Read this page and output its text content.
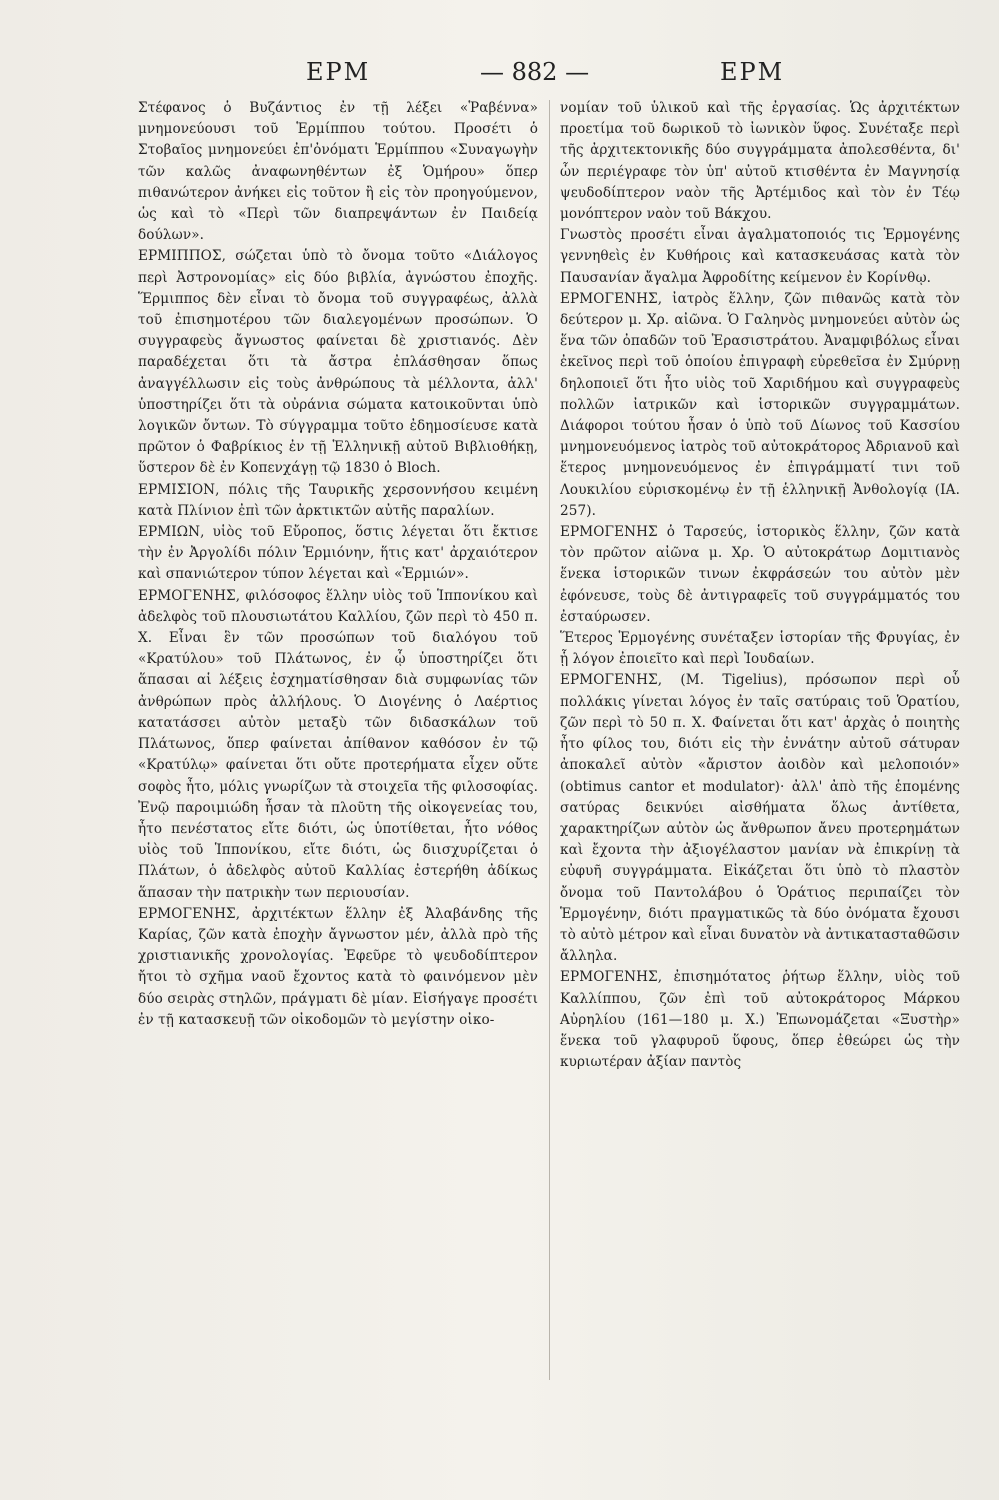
ΕΡΜ	— 882 —	ΕΡΜ

Στέφανος ὁ Βυζάντιος ἐν τῇ λέξει «Ῥαβέννα» μνημονεύουσι τοῦ Ἑρμίππου τούτου. Προσέτι ὁ Στοβαῖος μνημονεύει ἐπ'ὀνόματι Ἑρμίππου «Συναγωγὴν τῶν καλῶς ἀναφωνηθέντων ἐξ Ὁμήρου» ὅπερ πιθανώτερον ἀνήκει εἰς τοῦτον ἢ εἰς τὸν προηγούμενον, ὡς καὶ τὸ «Περὶ τῶν διαπρεψάντων ἐν Παιδείᾳ δούλων».

ΕΡΜΙΠΠΟΣ, σώζεται ὑπὸ τὸ ὄνομα τοῦτο «Διάλογος περὶ Ἀστρονομίας» εἰς δύο βιβλία, ἀγνώστου ἐποχῆς. Ἕρμιππος δὲν εἶναι τὸ ὄνομα τοῦ συγγραφέως, ἀλλὰ τοῦ ἐπισημοτέρου τῶν διαλεγομένων προσώπων. Ὁ συγγραφεὺς ἄγνωστος φαίνεται δὲ χριστιανός. Δὲν παραδέχεται ὅτι τὰ ἄστρα ἐπλάσθησαν ὅπως ἀναγγέλλωσιν εἰς τοὺς ἀνθρώπους τὰ μέλλοντα, ἀλλ' ὑποστηρίζει ὅτι τὰ οὐράνια σώματα κατοικοῦνται ὑπὸ λογικῶν ὄντων. Τὸ σύγγραμμα τοῦτο ἐδημοσίευσε κατὰ πρῶτον ὁ Φαβρίκιος ἐν τῇ Ἑλληνικῇ αὐτοῦ Βιβλιοθήκῃ, ὕστερον δὲ ἐν Κοπενχάγῃ τῷ 1830 ὁ Bloch.

ΕΡΜΙΣΙΟΝ, πόλις τῆς Ταυρικῆς χερσοννήσου κειμένη κατὰ Πλίνιον ἐπὶ τῶν ἀρκτικτῶν αὐτῆς παραλίων.

ΕΡΜΙΩΝ, υἱὸς τοῦ Εὔροπος, ὅστις λέγεται ὅτι ἔκτισε τὴν ἐν Ἀργολίδι πόλιν Ἑρμιόνην, ἥτις κατ' ἀρχαιότερον καὶ σπανιώτερον τύπον λέγεται καὶ «Ἑρμιών».

ΕΡΜΟΓΕΝΗΣ, φιλόσοφος ἕλλην υἱὸς τοῦ Ἱππονίκου καὶ ἀδελφὸς τοῦ πλουσιωτάτου Καλλίου, ζῶν περὶ τὸ 450 π. Χ. Εἶναι ἓν τῶν προσώπων τοῦ διαλόγου τοῦ «Κρατύλου» τοῦ Πλάτωνος, ἐν ᾧ ὑποστηρίζει ὅτι ἅπασαι αἱ λέξεις ἐσχηματίσθησαν διὰ συμφωνίας τῶν ἀνθρώπων πρὸς ἀλλήλους. Ὁ Διογένης ὁ Λαέρτιος κατατάσσει αὐτὸν μεταξὺ τῶν διδασκάλων τοῦ Πλάτωνος, ὅπερ φαίνεται ἀπίθανον καθόσον ἐν τῷ «Κρατύλῳ» φαίνεται ὅτι οὔτε προτερήματα εἶχεν οὔτε σοφὸς ἦτο, μόλις γνωρίζων τὰ στοιχεῖα τῆς φιλοσοφίας. Ἐνῷ παροιμιώδη ἦσαν τὰ πλοῦτη τῆς οἰκογενείας του, ἦτο πενέστατος εἴτε διότι, ὡς ὑποτίθεται, ἦτο νόθος υἱὸς τοῦ Ἱππονίκου, εἴτε διότι, ὡς διισχυρίζεται ὁ Πλάτων, ὁ ἀδελφὸς αὐτοῦ Καλλίας ἐστερήθη ἀδίκως ἅπασαν τὴν πατρικὴν των περιουσίαν.

ΕΡΜΟΓΕΝΗΣ, ἀρχιτέκτων ἕλλην ἐξ Ἀλαβάνδης τῆς Καρίας, ζῶν κατὰ ἐποχὴν ἄγνωστον μέν, ἀλλὰ πρὸ τῆς χριστιανικῆς χρονολογίας. Ἐφεῦρε τὸ ψευδοδίπτερον ἤτοι τὸ σχῆμα ναοῦ ἔχοντος κατὰ τὸ φαινόμενον μὲν δύο σειρὰς στηλῶν, πράγματι δὲ μίαν. Εἰσήγαγε προσέτι ἐν τῇ κατασκευῇ τῶν οἰκοδομῶν τὸ μεγίστην οἰκο-

νομίαν τοῦ ὑλικοῦ καὶ τῆς ἐργασίας. Ὡς ἀρχιτέκτων προετίμα τοῦ δωρικοῦ τὸ ἰωνικὸν ὕφος. Συνέταξε περὶ τῆς ἀρχιτεκτονικῆς δύο συγγράμματα ἀπολεσθέντα, δι' ὧν περιέγραφε τὸν ὑπ' αὐτοῦ κτισθέντα ἐν Μαγνησίᾳ ψευδοδίπτερον ναὸν τῆς Ἀρτέμιδος καὶ τὸν ἐν Τέῳ μονόπτερον ναὸν τοῦ Βάκχου.

Γνωστὸς προσέτι εἶναι ἀγαλματοποιός τις Ἑρμογένης γεννηθεὶς ἐν Κυθήροις καὶ κατασκευάσας κατὰ τὸν Παυσανίαν ἄγαλμα Ἀφροδίτης κείμενον ἐν Κορίνθῳ.

ΕΡΜΟΓΕΝΗΣ, ἰατρὸς ἕλλην, ζῶν πιθανῶς κατὰ τὸν δεύτερον μ. Χρ. αἰῶνα. Ὁ Γαληνὸς μνημονεύει αὐτὸν ὡς ἕνα τῶν ὀπαδῶν τοῦ Ἐρασιστράτου. Ἀναμφιβόλως εἶναι ἐκεῖνος περὶ τοῦ ὁποίου ἐπιγραφὴ εὑρεθεῖσα ἐν Σμύρνῃ δηλοποιεῖ ὅτι ἦτο υἱὸς τοῦ Χαριδήμου καὶ συγγραφεὺς πολλῶν ἰατρικῶν καὶ ἱστορικῶν συγγραμμάτων. Διάφοροι τούτου ἦσαν ὁ ὑπὸ τοῦ Δίωνος τοῦ Κασσίου μνημονευόμενος ἰατρὸς τοῦ αὐτοκράτορος Ἀδριανοῦ καὶ ἕτερος μνημονευόμενος ἐν ἐπιγράμματί τινι τοῦ Λουκιλίου εὑρισκομένῳ ἐν τῇ ἑλληνικῇ Ἀνθολογίᾳ (ΙΑ. 257).

ΕΡΜΟΓΕΝΗΣ ὁ Ταρσεύς, ἱστορικὸς ἕλλην, ζῶν κατὰ τὸν πρῶτον αἰῶνα μ. Χρ. Ὁ αὐτοκράτωρ Δομιτιανὸς ἕνεκα ἱστορικῶν τινων ἐκφράσεών του αὐτὸν μὲν ἐφόνευσε, τοὺς δὲ ἀντιγραφεῖς τοῦ συγγράμματός του ἐσταύρωσεν.

Ἕτερος Ἑρμογένης συνέταξεν ἱστορίαν τῆς Φρυγίας, ἐν ᾗ λόγον ἐποιεῖτο καὶ περὶ Ἰουδαίων.

ΕΡΜΟΓΕΝΗΣ, (M. Tigelius), πρόσωπον περὶ οὗ πολλάκις γίνεται λόγος ἐν ταῖς σατύραις τοῦ Ὁρατίου, ζῶν περὶ τὸ 50 π. Χ. Φαίνεται ὅτι κατ' ἀρχὰς ὁ ποιητὴς ἦτο φίλος του, διότι εἰς τὴν ἐννάτην αὐτοῦ σάτυραν ἀποκαλεῖ αὐτὸν «ἄριστον ἀοιδὸν καὶ μελοποιόν» (obtimus cantor et modulator)· ἀλλ' ἀπὸ τῆς ἑπομένης σατύρας δεικνύει αἰσθήματα ὅλως ἀντίθετα, χαρακτηρίζων αὐτὸν ὡς ἄνθρωπον ἄνευ προτερημάτων καὶ ἔχοντα τὴν ἀξιογέλαστον μανίαν νὰ ἐπικρίνῃ τὰ εὐφυῆ συγγράμματα. Εἰκάζεται ὅτι ὑπὸ τὸ πλαστὸν ὄνομα τοῦ Παντολάβου ὁ Ὁράτιος περιπαίζει τὸν Ἑρμογένην, διότι πραγματικῶς τὰ δύο ὀνόματα ἔχουσι τὸ αὐτὸ μέτρον καὶ εἶναι δυνατὸν νὰ ἀντικατασταθῶσιν ἄλληλα.

ΕΡΜΟΓΕΝΗΣ, ἐπισημότατος ῥήτωρ ἕλλην, υἱὸς τοῦ Καλλίππου, ζῶν ἐπὶ τοῦ αὐτοκράτορος Μάρκου Αὐρηλίου (161—180 μ. Χ.) Ἐπωνομάζεται «Ξυστὴρ» ἕνεκα τοῦ γλαφυροῦ ὕφους, ὅπερ ἐθεώρει ὡς τὴν κυριωτέραν ἀξίαν παντὸς
